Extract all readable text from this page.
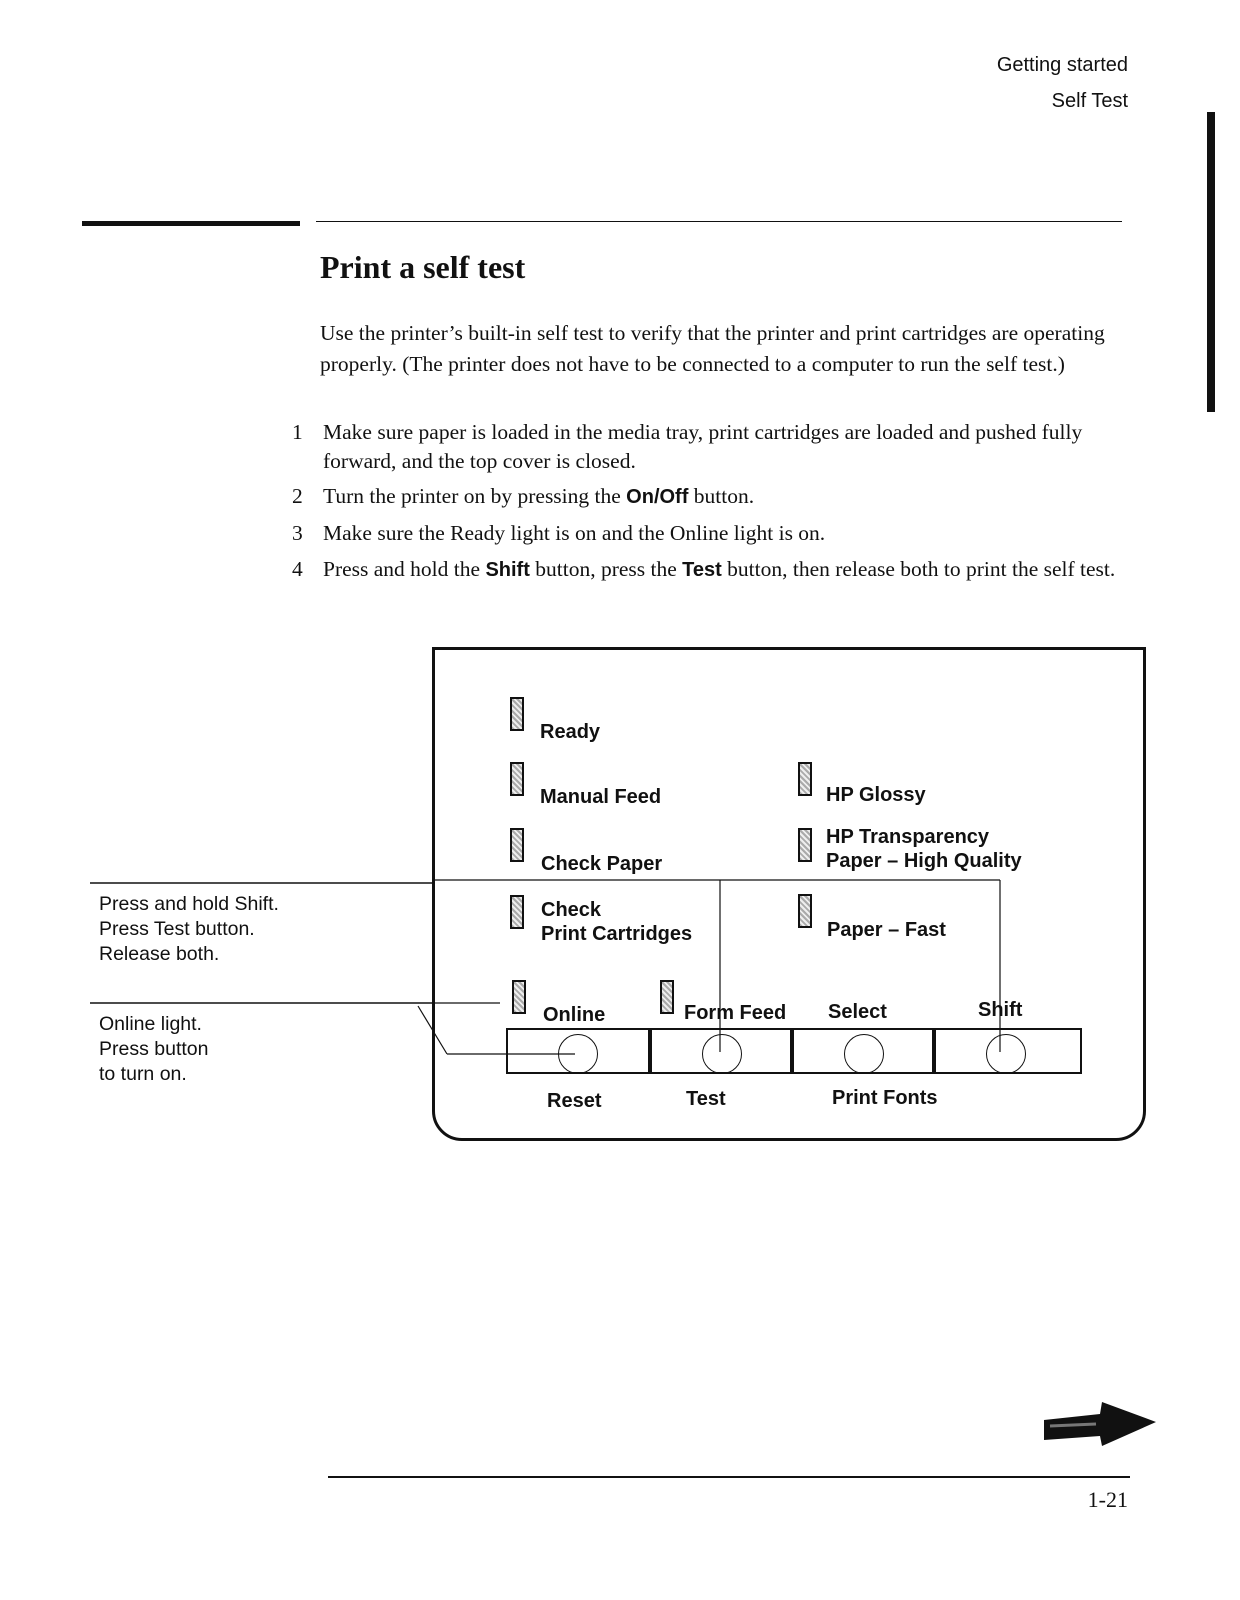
Getting started
Self Test
Print a self test
Use the printer’s built-in self test to verify that the printer and print cartridges are operating properly. (The printer does not have to be connected to a computer to run the self test.)
1 Make sure paper is loaded in the media tray, print cartridges are loaded and pushed fully forward, and the top cover is closed.
2 Turn the printer on by pressing the On/Off button.
3 Make sure the Ready light is on and the Online light is on.
4 Press and hold the Shift button, press the Test button, then release both to print the self test.
Ready
Manual Feed
Check Paper
Check
Print Cartridges
HP Glossy
HP Transparency
Paper – High Quality
Paper – Fast
Online	Form Feed Select	Shift
Reset	Test	Print Fonts
Press and hold Shift.
Press Test button.
Release both.
Online light.
Press button
to turn on.
1-21
